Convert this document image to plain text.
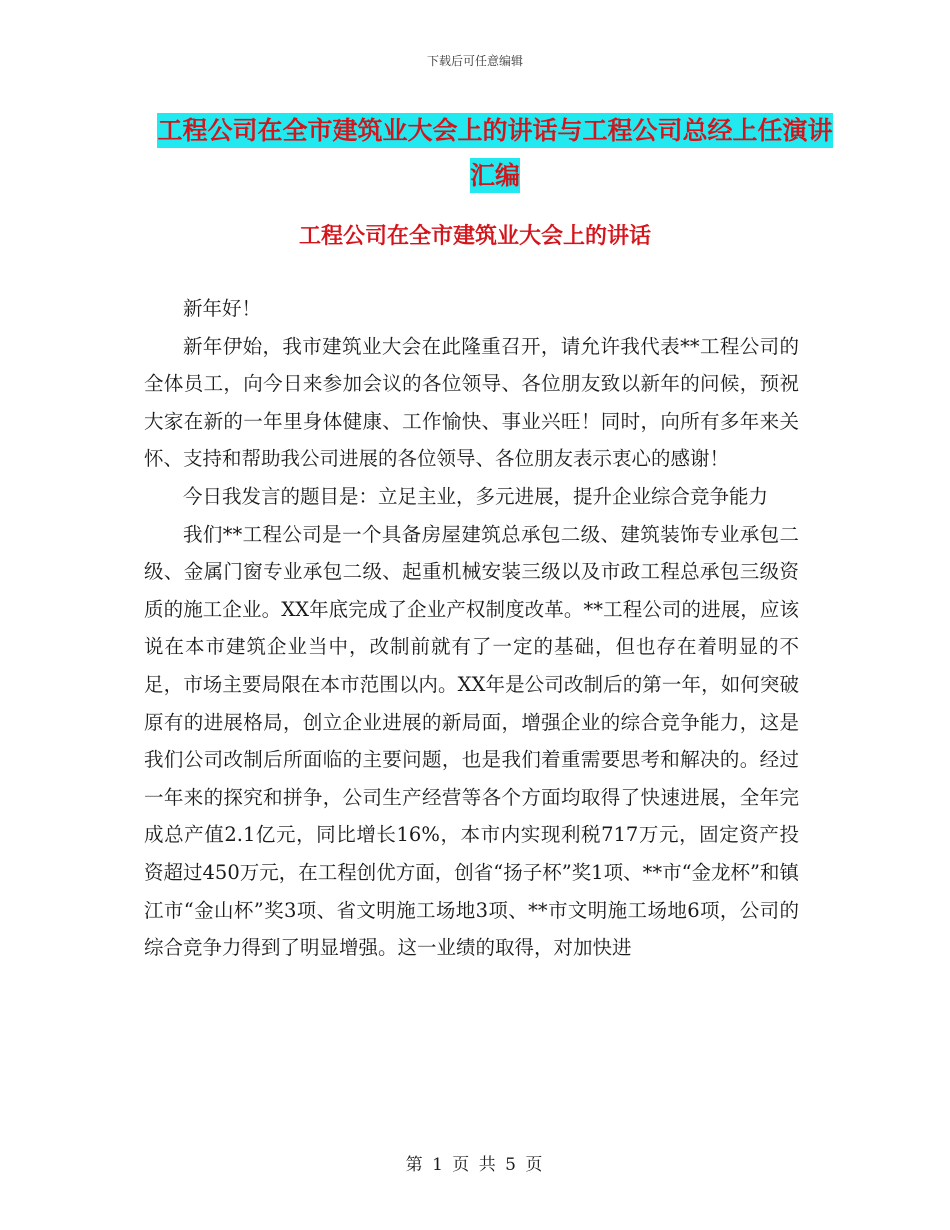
下载后可任意编辑
工程公司在全市建筑业大会上的讲话与工程公司总经上任演讲汇编
工程公司在全市建筑业大会上的讲话

新年好！

新年伊始，我市建筑业大会在此隆重召开，请允许我代表**工程公司的全体员工，向今日来参加会议的各位领导、各位朋友致以新年的问候，预祝大家在新的一年里身体健康、工作愉快、事业兴旺！同时，向所有多年来关怀、支持和帮助我公司进展的各位领导、各位朋友表示衷心的感谢！

今日我发言的题目是：立足主业，多元进展，提升企业综合竞争能力

我们**工程公司是一个具备房屋建筑总承包二级、建筑装饰专业承包二级、金属门窗专业承包二级、起重机械安装三级以及市政工程总承包三级资质的施工企业。XX年底完成了企业产权制度改革。**工程公司的进展，应该说在本市建筑企业当中，改制前就有了一定的基础，但也存在着明显的不足，市场主要局限在本市范围以内。XX年是公司改制后的第一年，如何突破原有的进展格局，创立企业进展的新局面，增强企业的综合竞争能力，这是我们公司改制后所面临的主要问题，也是我们着重需要思考和解决的。经过一年来的探究和拼争，公司生产经营等各个方面均取得了快速进展，全年完成总产值2.1亿元，同比增长16%，本市内实现利税717万元，固定资产投资超过450万元，在工程创优方面，创省“扬子杯”奖1项、**市“金龙杯”和镇江市“金山杯”奖3项、省文明施工场地3项、**市文明施工场地6项，公司的综合竞争力得到了明显增强。这一业绩的取得，对加快进

第 1 页 共 5 页
